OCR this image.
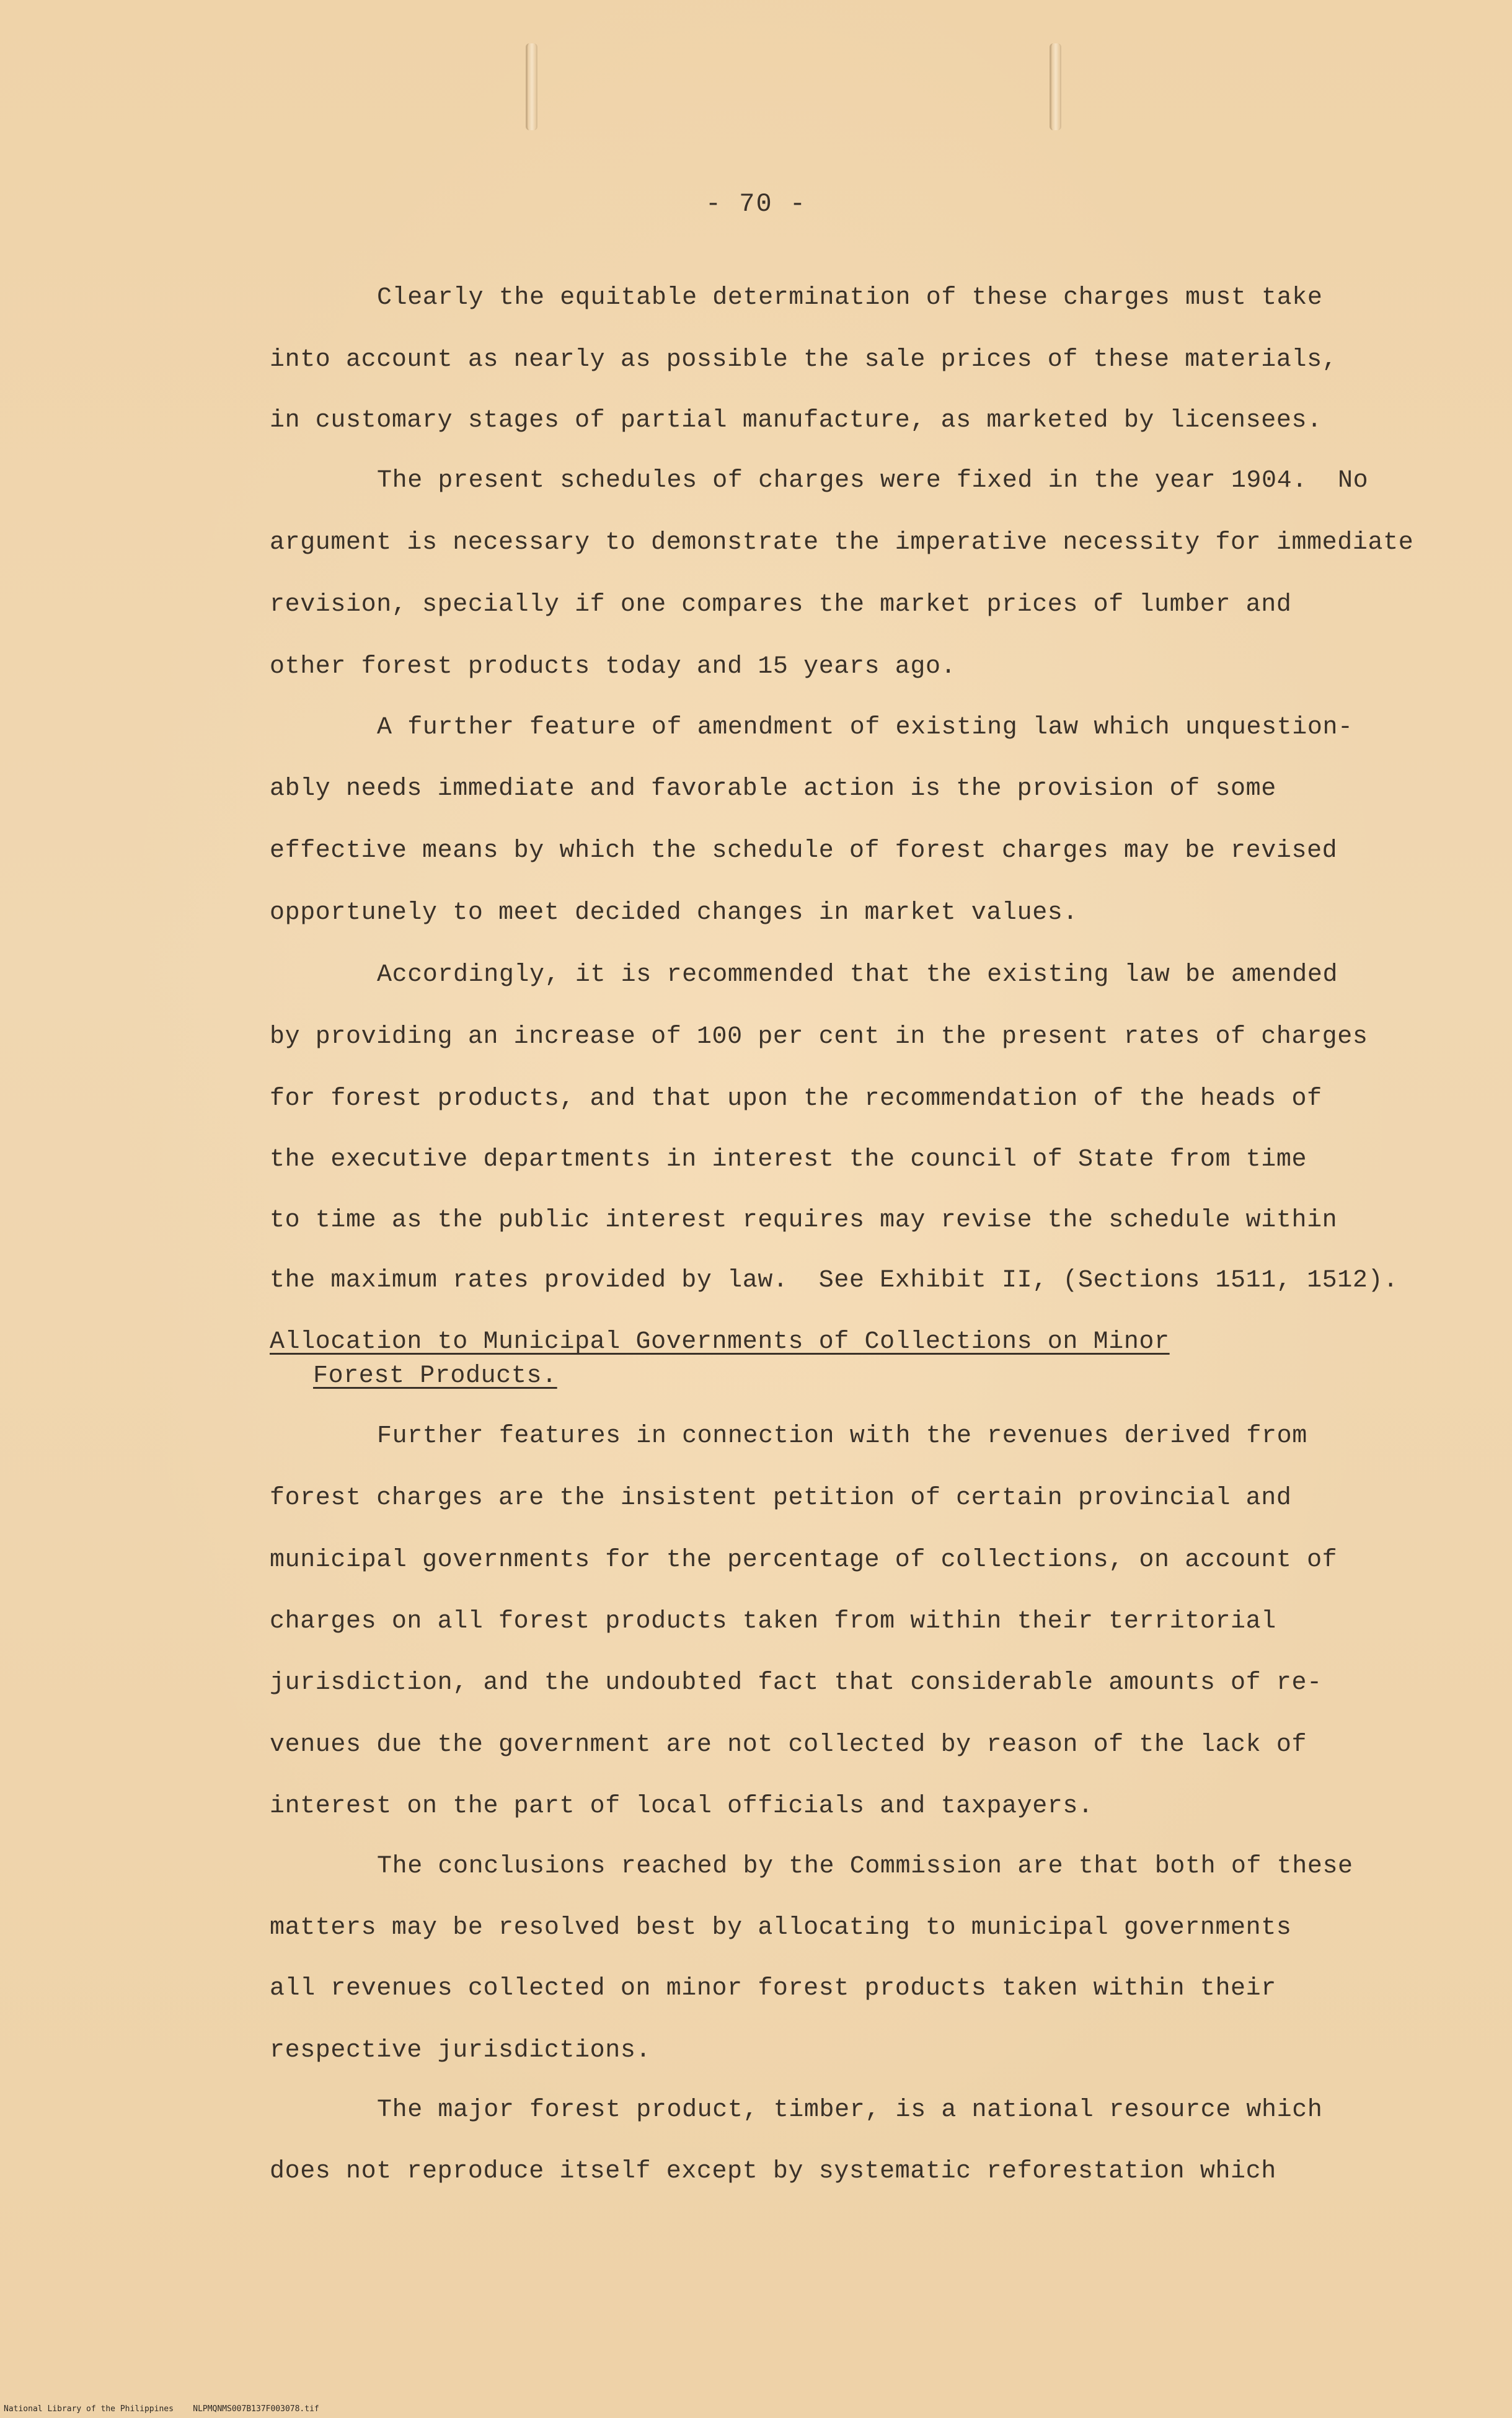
- 70 -
Clearly the equitable determination of these charges must take
into account as nearly as possible the sale prices of these materials,
in customary stages of partial manufacture, as marketed by licensees.
The present schedules of charges were fixed in the year 1904.  No
argument is necessary to demonstrate the imperative necessity for immediate
revision, specially if one compares the market prices of lumber and
other forest products today and 15 years ago.
A further feature of amendment of existing law which unquestion-
ably needs immediate and favorable action is the provision of some
effective means by which the schedule of forest charges may be revised
opportunely to meet decided changes in market values.
Accordingly, it is recommended that the existing law be amended
by providing an increase of 100 per cent in the present rates of charges
for forest products, and that upon the recommendation of the heads of
the executive departments in interest the council of State from time
to time as the public interest requires may revise the schedule within
the maximum rates provided by law.  See Exhibit II, (Sections 1511, 1512).
Allocation to Municipal Governments of Collections on Minor
Forest Products.
Further features in connection with the revenues derived from
forest charges are the insistent petition of certain provincial and
municipal governments for the percentage of collections, on account of
charges on all forest products taken from within their territorial
jurisdiction, and the undoubted fact that considerable amounts of re-
venues due the government are not collected by reason of the lack of
interest on the part of local officials and taxpayers.
The conclusions reached by the Commission are that both of these
matters may be resolved best by allocating to municipal governments
all revenues collected on minor forest products taken within their
respective jurisdictions.
The major forest product, timber, is a national resource which
does not reproduce itself except by systematic reforestation which
National Library of the Philippines    NLPMQNMS007B137F003078.tif
